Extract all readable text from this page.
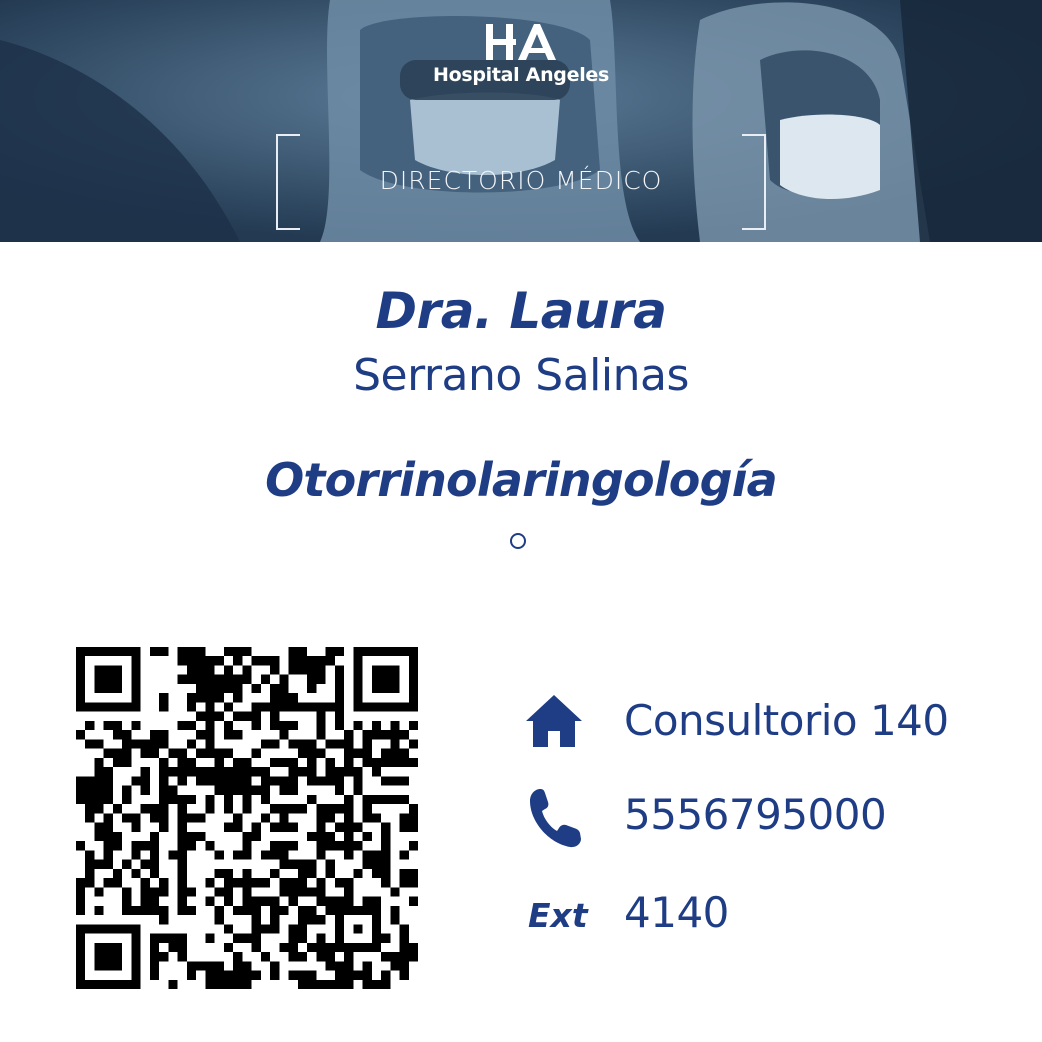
Hospital Angeles
DIRECTORIO MÉDICO
Dra. Laura
Serrano Salinas
Otorrinolaringología
Consultorio 140
5556795000
Ext 4140
